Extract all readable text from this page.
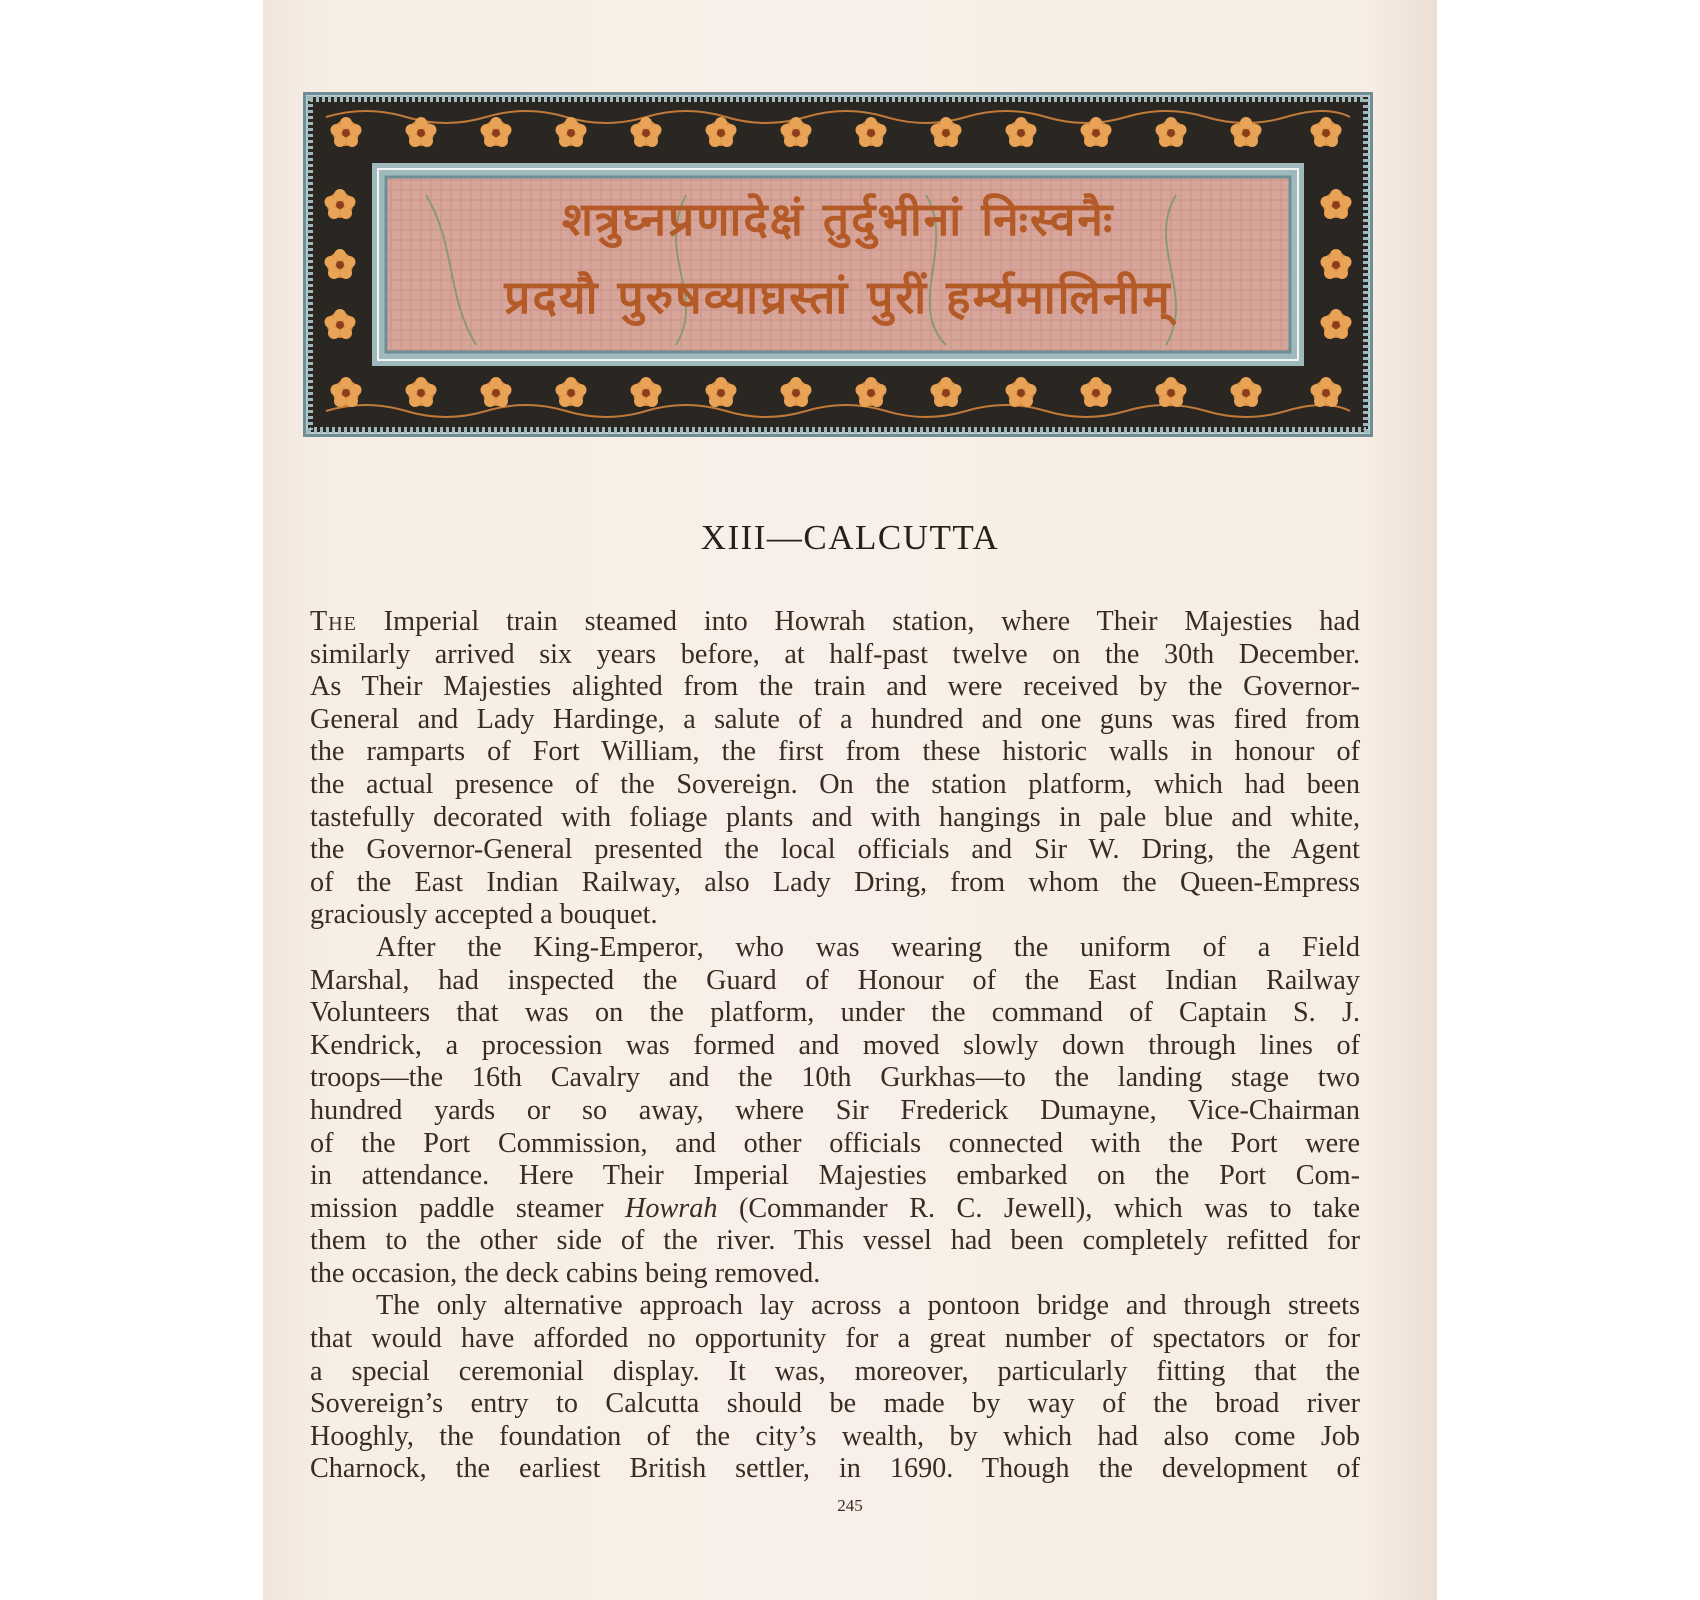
शत्रुघ्नप्रणादेक्षं तुर्दुभीनां निःस्वनैः
प्रदयौ पुरुषव्याघ्रस्तां पुरीं हर्म्यमालिनीम्
XIII—CALCUTTA
The Imperial train steamed into Howrah station, where Their Majesties had
similarly arrived six years before, at half-past twelve on the 30th December.
As Their Majesties alighted from the train and were received by the Governor-
General and Lady Hardinge, a salute of a hundred and one guns was fired from
the ramparts of Fort William, the first from these historic walls in honour of
the actual presence of the Sovereign. On the station platform, which had been
tastefully decorated with foliage plants and with hangings in pale blue and white,
the Governor-General presented the local officials and Sir W. Dring, the Agent
of the East Indian Railway, also Lady Dring, from whom the Queen-Empress
graciously accepted a bouquet.
After the King-Emperor, who was wearing the uniform of a Field
Marshal, had inspected the Guard of Honour of the East Indian Railway
Volunteers that was on the platform, under the command of Captain S. J.
Kendrick, a procession was formed and moved slowly down through lines of
troops—the 16th Cavalry and the 10th Gurkhas—to the landing stage two
hundred yards or so away, where Sir Frederick Dumayne, Vice-Chairman
of the Port Commission, and other officials connected with the Port were
in attendance. Here Their Imperial Majesties embarked on the Port Com-
mission paddle steamer Howrah (Commander R. C. Jewell), which was to take
them to the other side of the river. This vessel had been completely refitted for
the occasion, the deck cabins being removed.
The only alternative approach lay across a pontoon bridge and through streets
that would have afforded no opportunity for a great number of spectators or for
a special ceremonial display. It was, moreover, particularly fitting that the
Sovereign’s entry to Calcutta should be made by way of the broad river
Hooghly, the foundation of the city’s wealth, by which had also come Job
Charnock, the earliest British settler, in 1690. Though the development of
245
